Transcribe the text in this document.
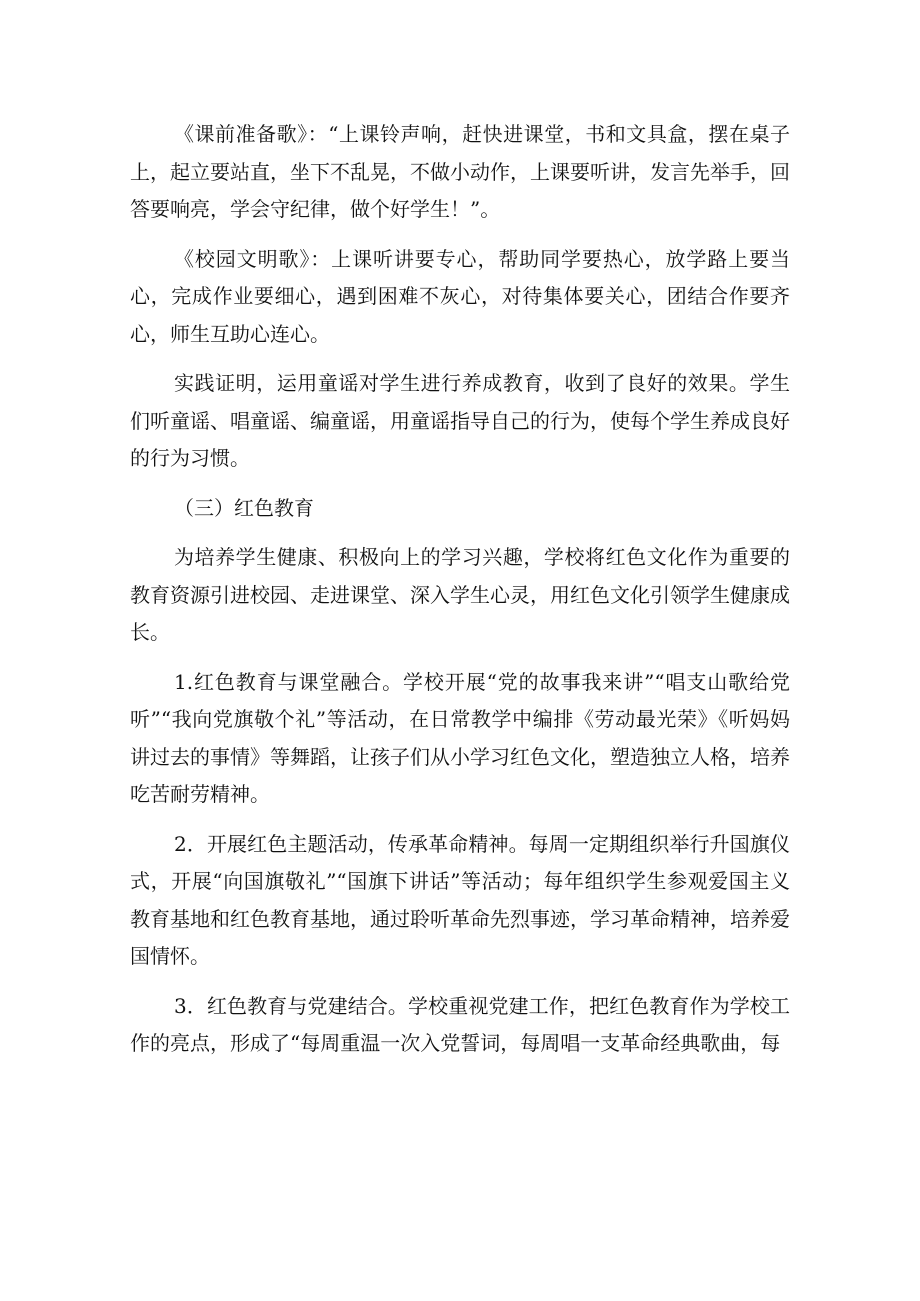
《课前准备歌》：“上课铃声响，赶快进课堂，书和文具盒，摆在桌子上，起立要站直，坐下不乱晃，不做小动作，上课要听讲，发言先举手，回答要响亮，学会守纪律，做个好学生！”。

《校园文明歌》：上课听讲要专心，帮助同学要热心，放学路上要当心，完成作业要细心，遇到困难不灰心，对待集体要关心，团结合作要齐心，师生互助心连心。

实践证明，运用童谣对学生进行养成教育，收到了良好的效果。学生们听童谣、唱童谣、编童谣，用童谣指导自己的行为，使每个学生养成良好的行为习惯。

（三）红色教育

为培养学生健康、积极向上的学习兴趣，学校将红色文化作为重要的教育资源引进校园、走进课堂、深入学生心灵，用红色文化引领学生健康成长。

1.红色教育与课堂融合。学校开展“党的故事我来讲”“唱支山歌给党听”“我向党旗敬个礼”等活动，在日常教学中编排《劳动最光荣》《听妈妈讲过去的事情》等舞蹈，让孩子们从小学习红色文化，塑造独立人格，培养吃苦耐劳精神。

2．开展红色主题活动，传承革命精神。每周一定期组织举行升国旗仪式，开展“向国旗敬礼”“国旗下讲话”等活动；每年组织学生参观爱国主义教育基地和红色教育基地，通过聆听革命先烈事迹，学习革命精神，培养爱国情怀。

3．红色教育与党建结合。学校重视党建工作，把红色教育作为学校工作的亮点，形成了“每周重温一次入党誓词，每周唱一支革命经典歌曲，每
